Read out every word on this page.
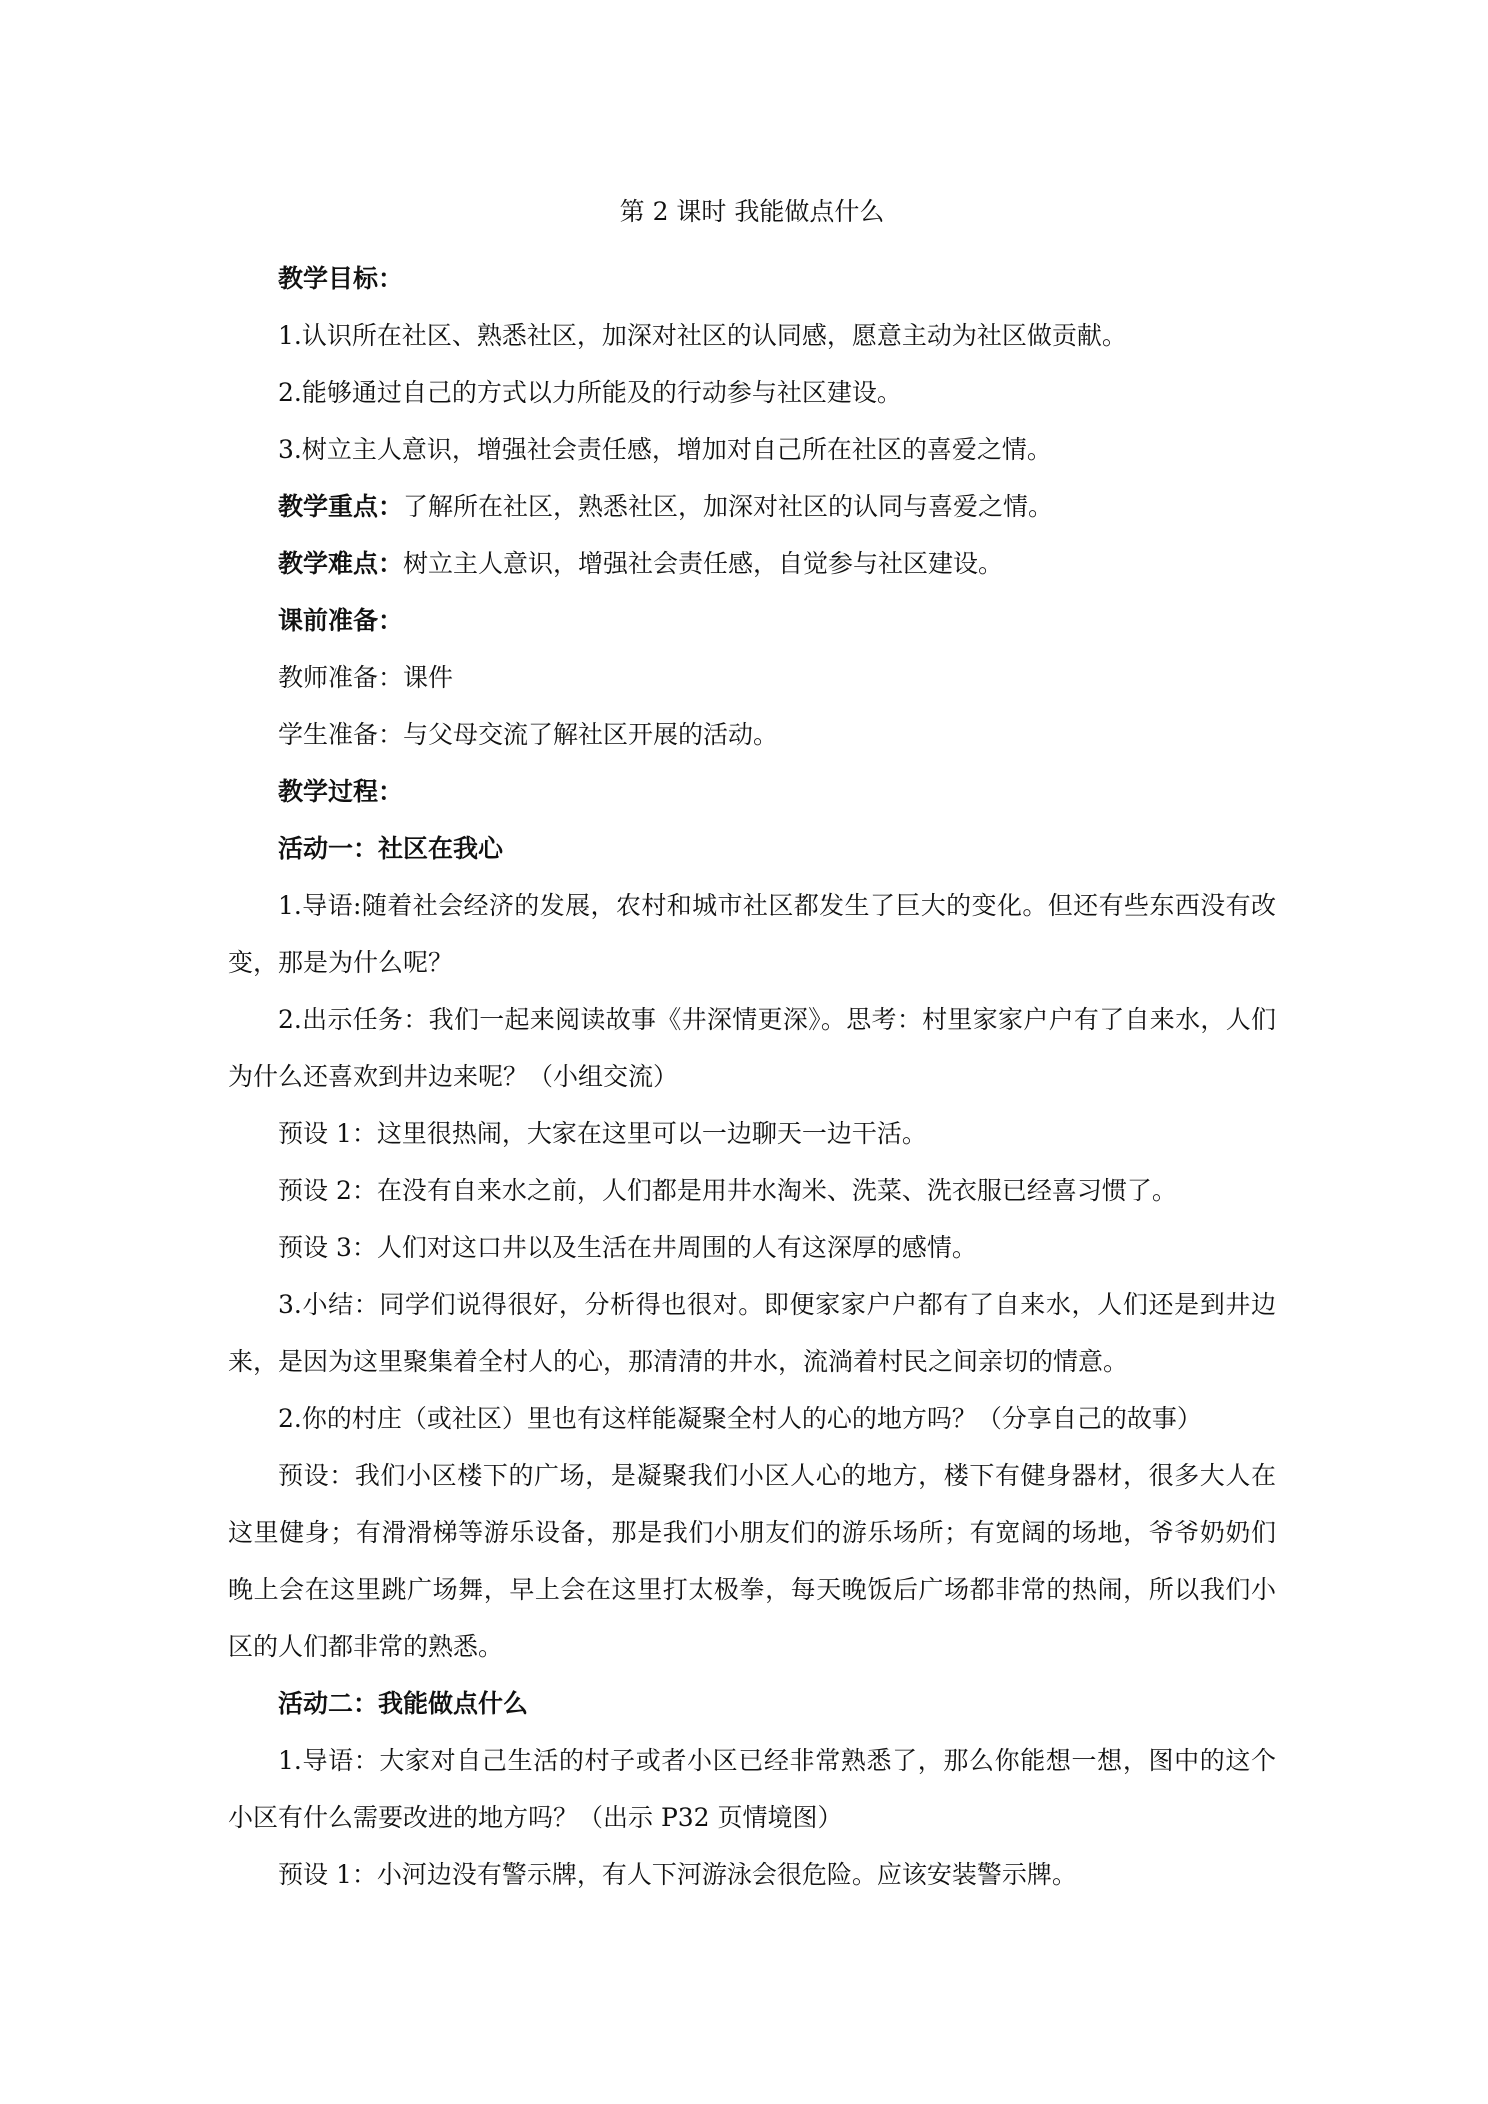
第 2 课时 我能做点什么

教学目标：

1.认识所在社区、熟悉社区，加深对社区的认同感，愿意主动为社区做贡献。

2.能够通过自己的方式以力所能及的行动参与社区建设。

3.树立主人意识，增强社会责任感，增加对自己所在社区的喜爱之情。

教学重点：了解所在社区，熟悉社区，加深对社区的认同与喜爱之情。

教学难点：树立主人意识，增强社会责任感，自觉参与社区建设。

课前准备：

教师准备：课件

学生准备：与父母交流了解社区开展的活动。

教学过程：

活动一：社区在我心

1.导语:随着社会经济的发展，农村和城市社区都发生了巨大的变化。但还有些东西没有改变，那是为什么呢？

2.出示任务：我们一起来阅读故事《井深情更深》。思考：村里家家户户有了自来水，人们为什么还喜欢到井边来呢？（小组交流）

预设 1：这里很热闹，大家在这里可以一边聊天一边干活。

预设 2：在没有自来水之前，人们都是用井水淘米、洗菜、洗衣服已经喜习惯了。

预设 3：人们对这口井以及生活在井周围的人有这深厚的感情。

3.小结：同学们说得很好，分析得也很对。即便家家户户都有了自来水，人们还是到井边来，是因为这里聚集着全村人的心，那清清的井水，流淌着村民之间亲切的情意。

2.你的村庄（或社区）里也有这样能凝聚全村人的心的地方吗？（分享自己的故事）

预设：我们小区楼下的广场，是凝聚我们小区人心的地方，楼下有健身器材，很多大人在这里健身；有滑滑梯等游乐设备，那是我们小朋友们的游乐场所；有宽阔的场地，爷爷奶奶们晚上会在这里跳广场舞，早上会在这里打太极拳，每天晚饭后广场都非常的热闹，所以我们小区的人们都非常的熟悉。

活动二：我能做点什么

1.导语：大家对自己生活的村子或者小区已经非常熟悉了，那么你能想一想，图中的这个小区有什么需要改进的地方吗？（出示 P32 页情境图）

预设 1：小河边没有警示牌，有人下河游泳会很危险。应该安装警示牌。
